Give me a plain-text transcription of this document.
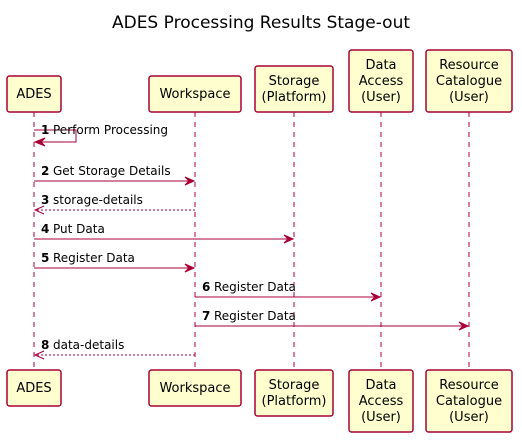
ADES Processing Results Stage-out
ADES	Workspace
Storage
(Platform)
Data
Access
(User)
Resource
Catalogue
(User)
ADES	Workspace	Storage
(Platform)
Data
Access
(User)
Resource
Catalogue
(User)
1 Perform Processing
2 Get Storage Details
3 storage-details
4 Put Data
5 Register Data
6 Register Data
7 Register Data
8 data-details
